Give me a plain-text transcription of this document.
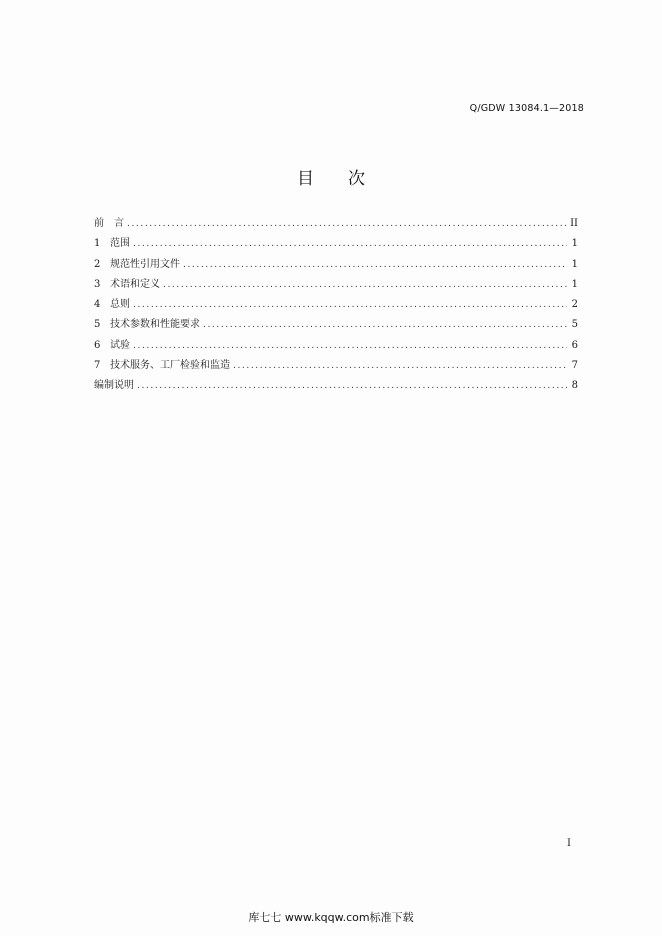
Q/GDW 13084.1—2018
目 次
前　言 .....	II
1 范围 .....	1
2 规范性引用文件 .....	1
3 术语和定义 .....	1
4 总则 .....	2
5 技术参数和性能要求 .....	5
6 试验 .....	6
7 技术服务、工厂检验和监造 .....	7
编制说明 .....	8
I
库七七 www.kqqw.com标准下载
